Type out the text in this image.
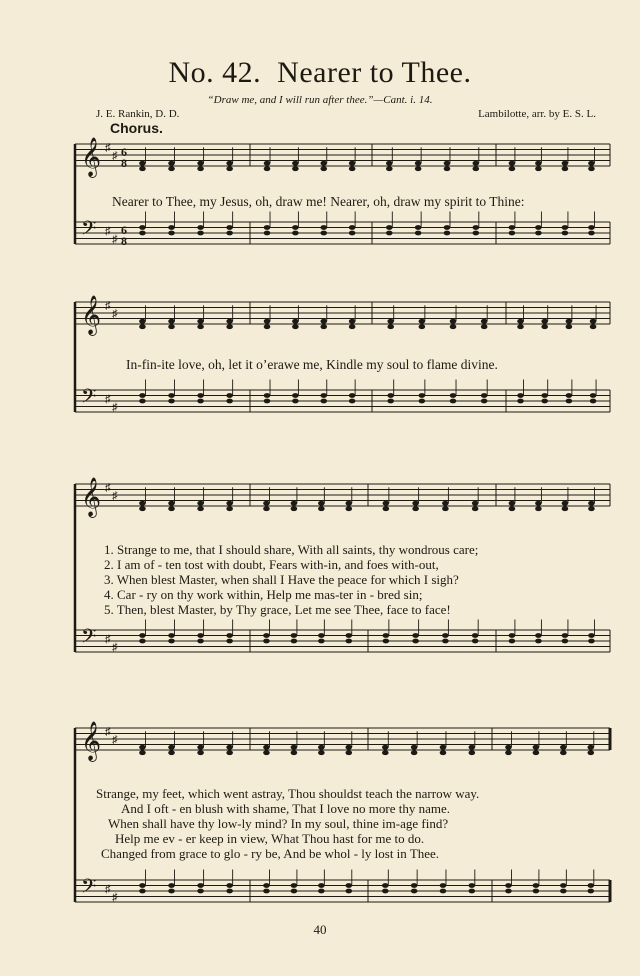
No. 42. Nearer to Thee.
“Draw me, and I will run after thee.”—Cant. i. 14.
J. E. Rankin, D. D.	Lambilotte, arr. by E. S. L.
Chorus.
𝄞 ♯
♯
𝄢 ♯
♯
𝄞 ♯
♯
𝄢 ♯
♯
𝄞 ♯
♯
𝄢 ♯
♯
𝄞 ♯
♯
𝄢 ♯
♯
6
8
6
8
Nearer to Thee, my Jesus, oh, draw me! Nearer, oh, draw my spirit to Thine:
In-fin-ite love, oh, let it o’erawe me, Kindle my soul to flame divine.
1. Strange to me, that I should share, With all saints, thy wondrous care;
2. I am of - ten tost with doubt, Fears with-in, and foes with-out,
3. When blest Master, when shall I Have the peace for which I sigh?
4. Car - ry on thy work within, Help me mas-ter in - bred sin;
5. Then, blest Master, by Thy grace, Let me see Thee, face to face!
Strange, my feet, which went astray, Thou shouldst teach the narrow way.
And I oft - en blush with shame, That I love no more thy name.
When shall have thy low-ly mind? In my soul, thine im-age find?
Help me ev - er keep in view, What Thou hast for me to do.
Changed from grace to glo - ry be, And be whol - ly lost in Thee.
40
